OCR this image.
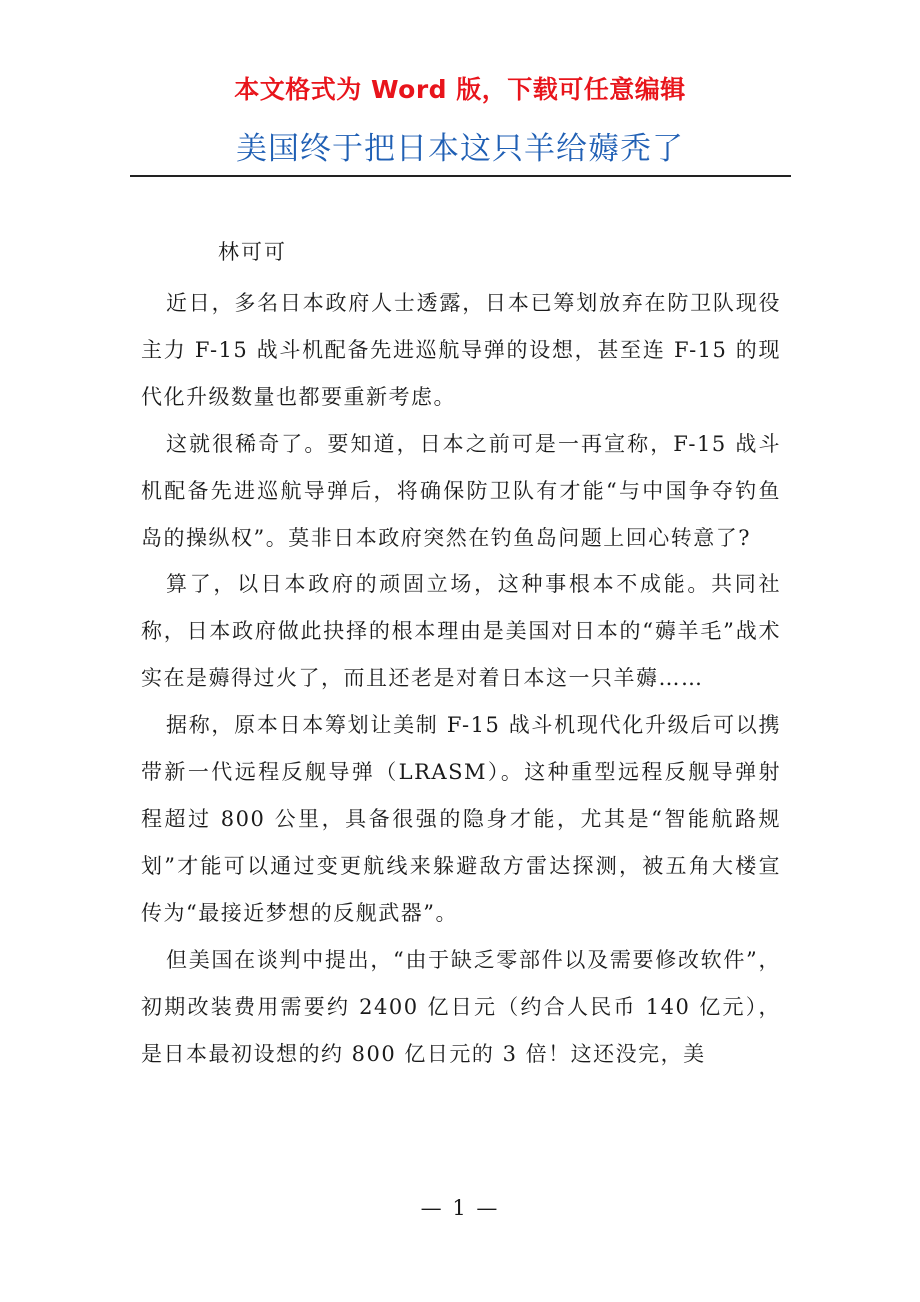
本文格式为 Word 版，下载可任意编辑
美国终于把日本这只羊给薅秃了
林可可

近日，多名日本政府人士透露，日本已筹划放弃在防卫队现役主力 F-15 战斗机配备先进巡航导弹的设想，甚至连 F-15 的现代化升级数量也都要重新考虑。

这就很稀奇了。要知道，日本之前可是一再宣称，F-15 战斗机配备先进巡航导弹后，将确保防卫队有才能“与中国争夺钓鱼岛的操纵权”。莫非日本政府突然在钓鱼岛问题上回心转意了?

算了，以日本政府的顽固立场，这种事根本不成能。共同社称，日本政府做此抉择的根本理由是美国对日本的“薅羊毛”战术实在是薅得过火了，而且还老是对着日本这一只羊薅……

据称，原本日本筹划让美制 F-15 战斗机现代化升级后可以携带新一代远程反舰导弹（LRASM）。这种重型远程反舰导弹射程超过 800 公里，具备很强的隐身才能，尤其是“智能航路规划”才能可以通过变更航线来躲避敌方雷达探测，被五角大楼宣传为“最接近梦想的反舰武器”。

但美国在谈判中提出，“由于缺乏零部件以及需要修改软件”，初期改装费用需要约 2400 亿日元（约合人民币 140 亿元），是日本最初设想的约 800 亿日元的 3 倍！这还没完，美

— 1 —
